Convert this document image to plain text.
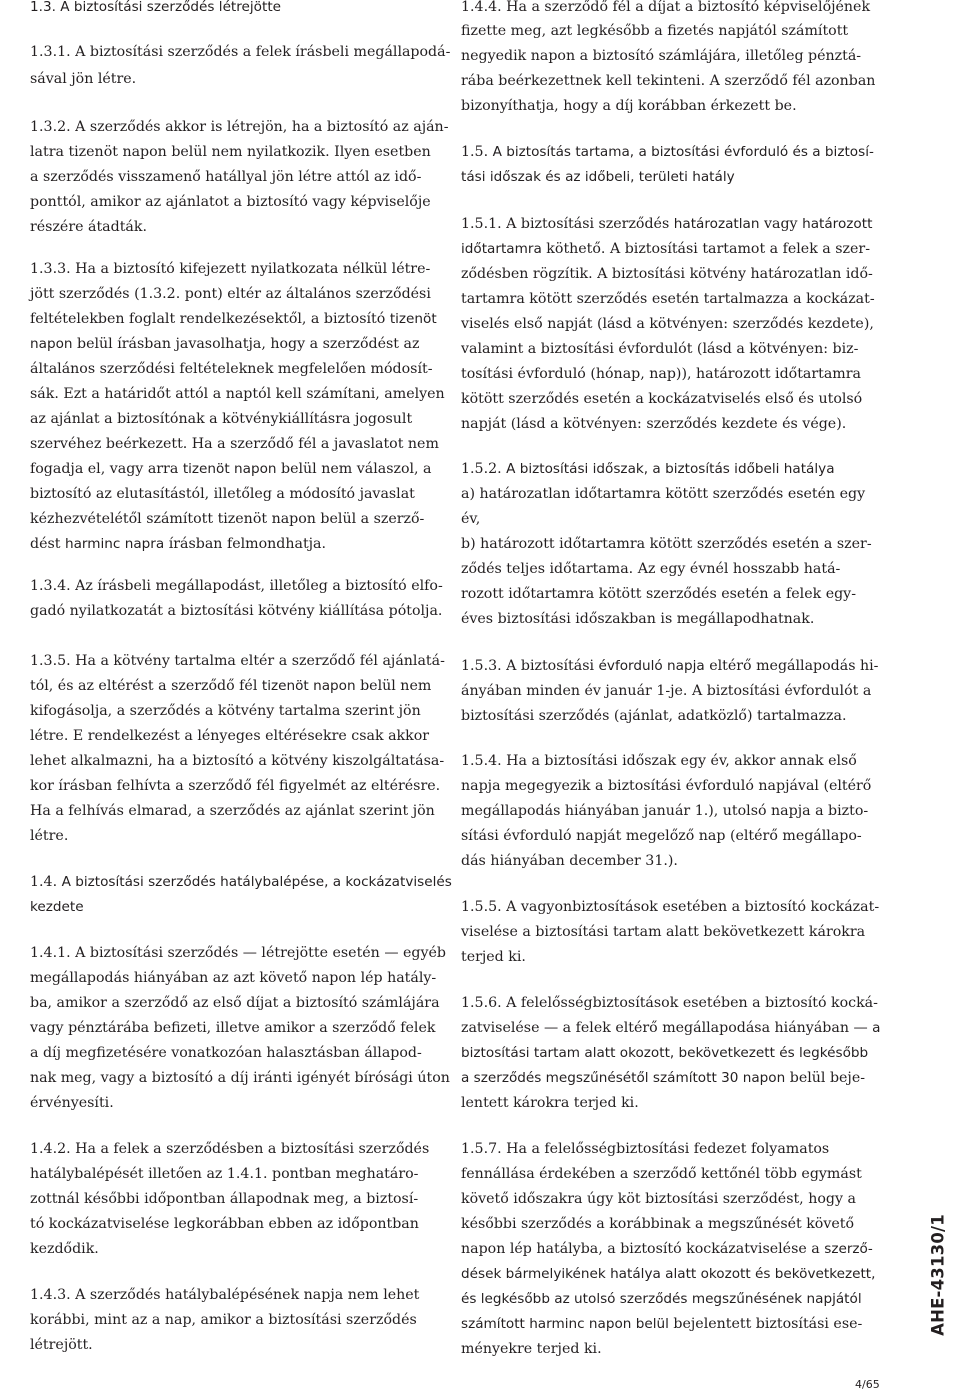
1.3. A biztosítási szerződés létrejötte
1.3.1. A biztosítási szerződés a felek írásbeli megállapodá-
sával jön létre.
1.3.2. A szerződés akkor is létrejön, ha a biztosító az aján-
latra tizenöt napon belül nem nyilatkozik. Ilyen esetben
a szerződés visszamenő hatállyal jön létre attól az idő-
ponttól, amikor az ajánlatot a biztosító vagy képviselője
részére átadták.
1.3.3. Ha a biztosító kifejezett nyilatkozata nélkül létre-
jött szerződés (1.3.2. pont) eltér az általános szerződési
feltételekben foglalt rendelkezésektől, a biztosító tizenöt
napon belül írásban javasolhatja, hogy a szerződést az
általános szerződési feltételeknek megfelelően módosít-
sák. Ezt a határidőt attól a naptól kell számítani, amelyen
az ajánlat a biztosítónak a kötvénykiállításra jogosult
szervéhez beérkezett. Ha a szerződő fél a javaslatot nem
fogadja el, vagy arra tizenöt napon belül nem válaszol, a
biztosító az elutasítástól, illetőleg a módosító javaslat
kézhezvételétől számított tizenöt napon belül a szerző-
dést harminc napra írásban felmondhatja.
1.3.4. Az írásbeli megállapodást, illetőleg a biztosító elfo-
gadó nyilatkozatát a biztosítási kötvény kiállítása pótolja.
1.3.5. Ha a kötvény tartalma eltér a szerződő fél ajánlatá-
tól, és az eltérést a szerződő fél tizenöt napon belül nem
kifogásolja, a szerződés a kötvény tartalma szerint jön
létre. E rendelkezést a lényeges eltérésekre csak akkor
lehet alkalmazni, ha a biztosító a kötvény kiszolgáltatása-
kor írásban felhívta a szerződő fél figyelmét az eltérésre.
Ha a felhívás elmarad, a szerződés az ajánlat szerint jön
létre.
1.4. A biztosítási szerződés hatálybalépése, a kockázatviselés
kezdete
1.4.1. A biztosítási szerződés — létrejötte esetén — egyéb
megállapodás hiányában az azt követő napon lép hatály-
ba, amikor a szerződő az első díjat a biztosító számlájára
vagy pénztárába befizeti, illetve amikor a szerződő felek
a díj megfizetésére vonatkozóan halasztásban állapod-
nak meg, vagy a biztosító a díj iránti igényét bírósági úton
érvényesíti.
1.4.2. Ha a felek a szerződésben a biztosítási szerződés
hatálybalépését illetően az 1.4.1. pontban meghatáro-
zottnál későbbi időpontban állapodnak meg, a biztosí-
tó kockázatviselése legkorábban ebben az időpontban
kezdődik.
1.4.3. A szerződés hatálybalépésének napja nem lehet
korábbi, mint az a nap, amikor a biztosítási szerződés
létrejött.
1.4.4. Ha a szerződő fél a díjat a biztosító képviselőjének
fizette meg, azt legkésőbb a fizetés napjától számított
negyedik napon a biztosító számlájára, illetőleg pénztá-
rába beérkezettnek kell tekinteni. A szerződő fél azonban
bizonyíthatja, hogy a díj korábban érkezett be.
1.5. A biztosítás tartama, a biztosítási évforduló és a biztosí-
tási időszak és az időbeli, területi hatály
1.5.1. A biztosítási szerződés határozatlan vagy határozott
időtartamra köthető. A biztosítási tartamot a felek a szer-
ződésben rögzítik. A biztosítási kötvény határozatlan idő-
tartamra kötött szerződés esetén tartalmazza a kockázat-
viselés első napját (lásd a kötvényen: szerződés kezdete),
valamint a biztosítási évfordulót (lásd a kötvényen: biz-
tosítási évforduló (hónap, nap)), határozott időtartamra
kötött szerződés esetén a kockázatviselés első és utolsó
napját (lásd a kötvényen: szerződés kezdete és vége).
1.5.2. A biztosítási időszak, a biztosítás időbeli hatálya
a) határozatlan időtartamra kötött szerződés esetén egy
év,
b) határozott időtartamra kötött szerződés esetén a szer-
ződés teljes időtartama. Az egy évnél hosszabb hatá-
rozott időtartamra kötött szerződés esetén a felek egy-
éves biztosítási időszakban is megállapodhatnak.
1.5.3. A biztosítási évforduló napja eltérő megállapodás hi-
ányában minden év január 1-je. A biztosítási évfordulót a
biztosítási szerződés (ajánlat, adatközlő) tartalmazza.
1.5.4. Ha a biztosítási időszak egy év, akkor annak első
napja megegyezik a biztosítási évforduló napjával (eltérő
megállapodás hiányában január 1.), utolsó napja a bizto-
sítási évforduló napját megelőző nap (eltérő megállapo-
dás hiányában december 31.).
1.5.5. A vagyonbiztosítások esetében a biztosító kockázat-
viselése a biztosítási tartam alatt bekövetkezett károkra
terjed ki.
1.5.6. A felelősségbiztosítások esetében a biztosító kocká-
zatviselése — a felek eltérő megállapodása hiányában — a
biztosítási tartam alatt okozott, bekövetkezett és legkésőbb
a szerződés megszűnésétől számított 30 napon belül beje-
lentett károkra terjed ki.
1.5.7. Ha a felelősségbiztosítási fedezet folyamatos
fennállása érdekében a szerződő kettőnél több egymást
követő időszakra úgy köt biztosítási szerződést, hogy a
későbbi szerződés a korábbinak a megszűnését követő
napon lép hatályba, a biztosító kockázatviselése a szerző-
dések bármelyikének hatálya alatt okozott és bekövetkezett,
és legkésőbb az utolsó szerződés megszűnésének napjától
számított harminc napon belül bejelentett biztosítási ese-
ményekre terjed ki.
AHE-43130/1
4/65
